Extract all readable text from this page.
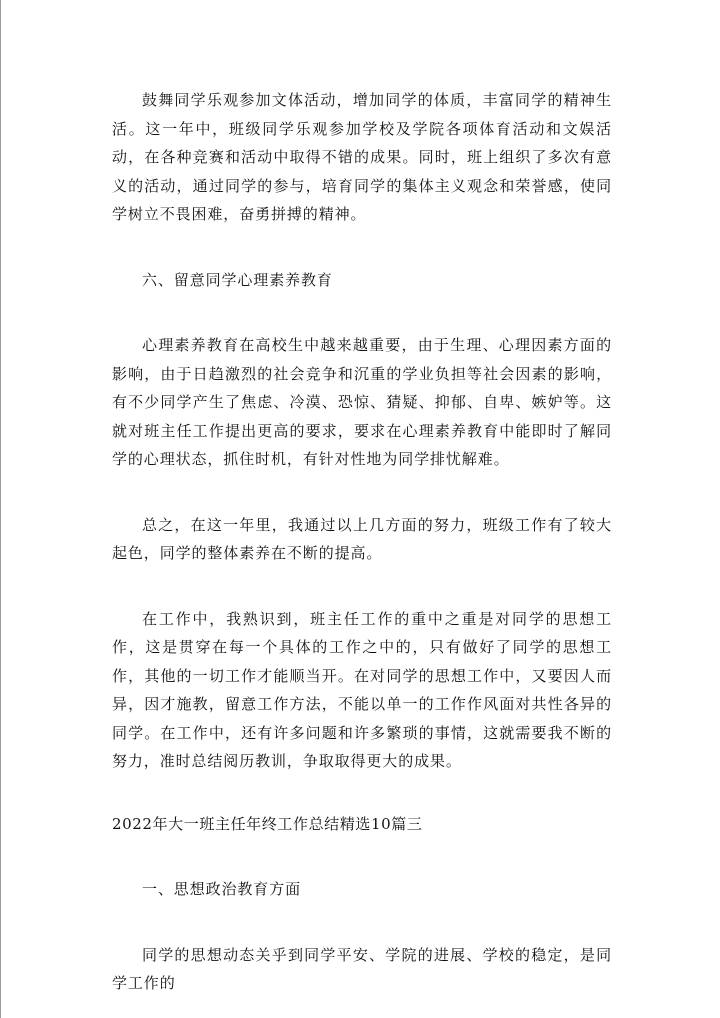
鼓舞同学乐观参加文体活动，增加同学的体质，丰富同学的精神生活。这一年中，班级同学乐观参加学校及学院各项体育活动和文娱活动，在各种竞赛和活动中取得不错的成果。同时，班上组织了多次有意义的活动，通过同学的参与，培育同学的集体主义观念和荣誉感，使同学树立不畏困难，奋勇拼搏的精神。

六、留意同学心理素养教育

心理素养教育在高校生中越来越重要，由于生理、心理因素方面的影响，由于日趋激烈的社会竞争和沉重的学业负担等社会因素的影响，有不少同学产生了焦虑、冷漠、恐惊、猜疑、抑郁、自卑、嫉妒等。这就对班主任工作提出更高的要求，要求在心理素养教育中能即时了解同学的心理状态，抓住时机，有针对性地为同学排忧解难。

总之，在这一年里，我通过以上几方面的努力，班级工作有了较大起色，同学的整体素养在不断的提高。

在工作中，我熟识到，班主任工作的重中之重是对同学的思想工作，这是贯穿在每一个具体的工作之中的，只有做好了同学的思想工作，其他的一切工作才能顺当开。在对同学的思想工作中，又要因人而异，因才施教，留意工作方法，不能以单一的工作作风面对共性各异的同学。在工作中，还有许多问题和许多繁琐的事情，这就需要我不断的努力，准时总结阅历教训，争取取得更大的成果。

2022年大一班主任年终工作总结精选10篇三

一、思想政治教育方面

同学的思想动态关乎到同学平安、学院的进展、学校的稳定，是同学工作的
